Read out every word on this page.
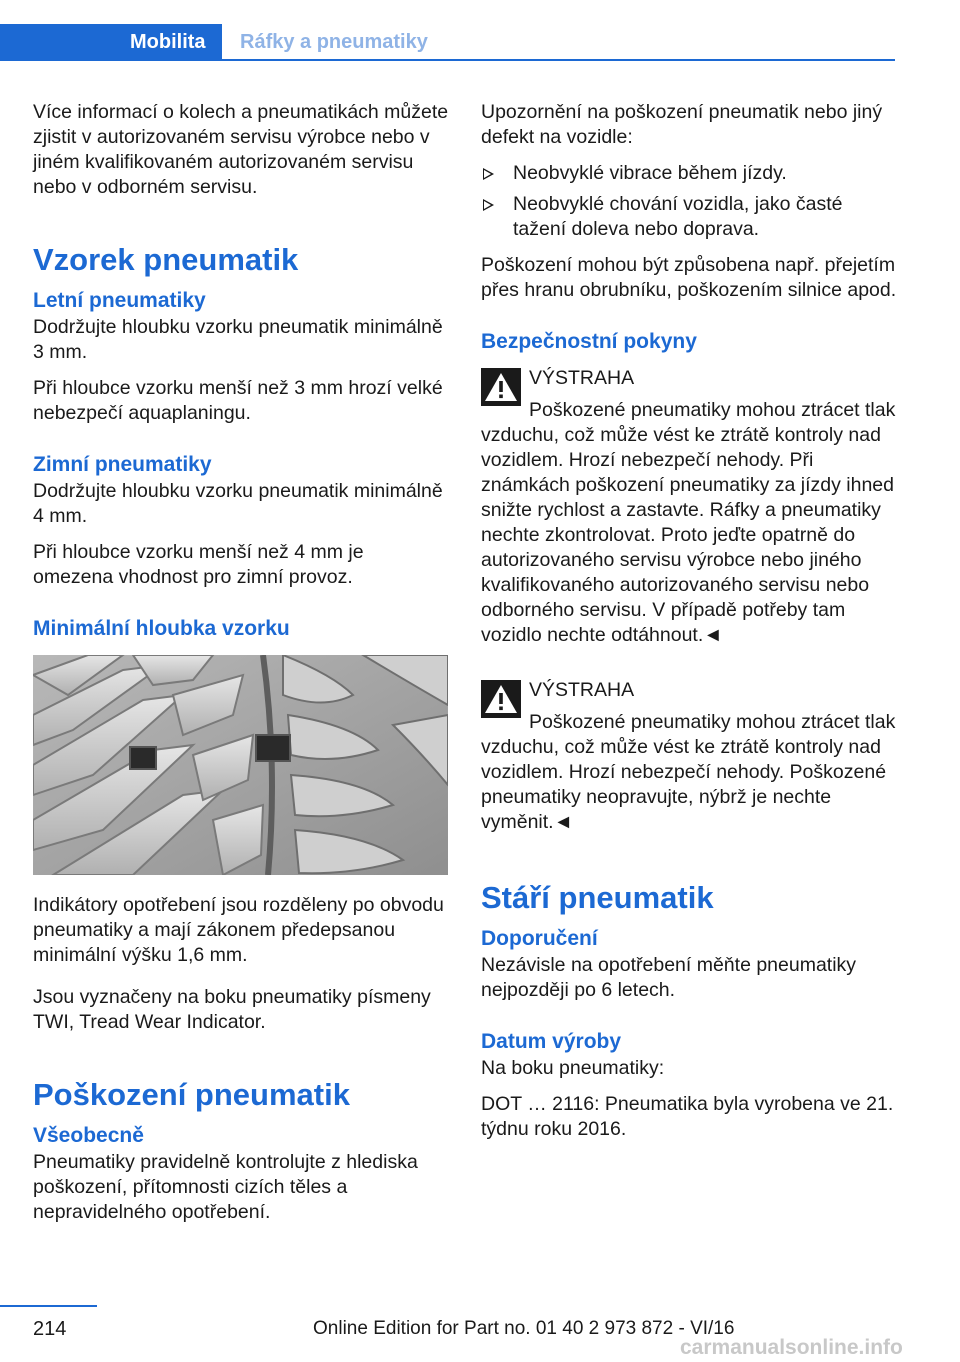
Mobilita	Ráfky a pneumatiky

Více informací o kolech a pneumatikách můžete zjistit v autorizovaném servisu výrobce nebo v jiném kvalifikovaném autorizovaném servisu nebo v odborném servisu.

Vzorek pneumatik
Letní pneumatiky

Dodržujte hloubku vzorku pneumatik minimálně 3 mm.

Při hloubce vzorku menší než 3 mm hrozí velké nebezpečí aquaplaningu.

Zimní pneumatiky

Dodržujte hloubku vzorku pneumatik minimálně 4 mm.

Při hloubce vzorku menší než 4 mm je omezena vhodnost pro zimní provoz.

Minimální hloubka vzorku

Indikátory opotřebení jsou rozděleny po obvodu pneumatiky a mají zákonem předepsanou minimální výšku 1,6 mm.

Jsou vyznačeny na boku pneumatiky písmeny TWI, Tread Wear Indicator.

Poškození pneumatik
Všeobecně

Pneumatiky pravidelně kontrolujte z hlediska poškození, přítomnosti cizích těles a nepravidelného opotřebení.

Upozornění na poškození pneumatik nebo jiný defekt na vozidle:

Neobvyklé vibrace během jízdy.
Neobvyklé chování vozidla, jako časté tažení doleva nebo doprava.

Poškození mohou být způsobena např. přejetím přes hranu obrubníku, poškozením silnice apod.

Bezpečnostní pokyny
VÝSTRAHA

Poškozené pneumatiky mohou ztrácet tlak vzduchu, což může vést ke ztrátě kontroly nad vozidlem. Hrozí nebezpečí nehody. Při známkách poškození pneumatiky za jízdy ihned snižte rychlost a zastavte. Ráfky a pneumatiky nechte zkontrolovat. Proto jeďte opatrně do autorizovaného servisu výrobce nebo jiného kvalifikovaného autorizovaného servisu nebo odborného servisu. V případě potřeby tam vozidlo nechte odtáhnout.◄

VÝSTRAHA

Poškozené pneumatiky mohou ztrácet tlak vzduchu, což může vést ke ztrátě kontroly nad vozidlem. Hrozí nebezpečí nehody. Poškozené pneumatiky neopravujte, nýbrž je nechte vyměnit.◄

Stáří pneumatik
Doporučení

Nezávisle na opotřebení měňte pneumatiky nejpozději po 6 letech.

Datum výroby

Na boku pneumatiky:

DOT … 2116: Pneumatika byla vyrobena ve 21. týdnu roku 2016.

214	Online Edition for Part no. 01 40 2 973 872 - VI/16
carmanualsonline.info
